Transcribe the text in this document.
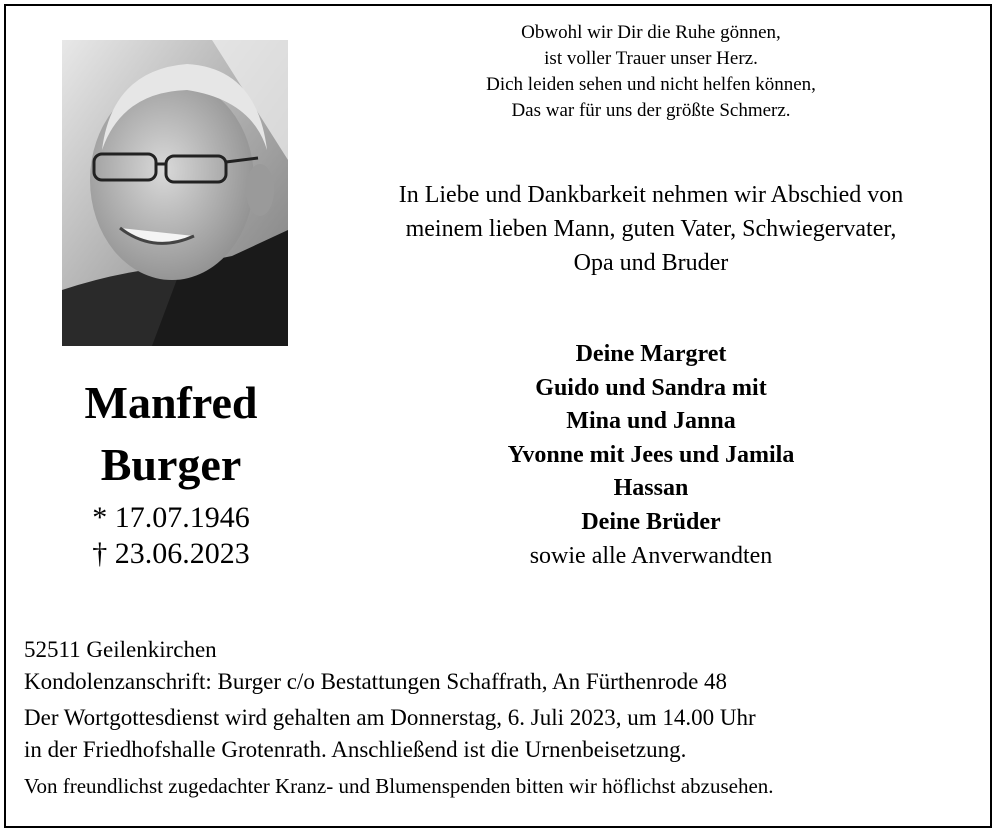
Obwohl wir Dir die Ruhe gönnen,
ist voller Trauer unser Herz.
Dich leiden sehen und nicht helfen können,
Das war für uns der größte Schmerz.
In Liebe und Dankbarkeit nehmen wir Abschied von
meinem lieben Mann, guten Vater, Schwiegervater,
Opa und Bruder
Manfred
Burger
* 17.07.1946
† 23.06.2023
Deine Margret
Guido und Sandra mit
Mina und Janna
Yvonne mit Jees und Jamila
Hassan
Deine Brüder
sowie alle Anverwandten
52511 Geilenkirchen
Kondolenzanschrift: Burger c/o Bestattungen Schaffrath, An Fürthenrode 48
Der Wortgottesdienst wird gehalten am Donnerstag, 6. Juli 2023, um 14.00 Uhr
in der Friedhofshalle Grotenrath. Anschließend ist die Urnenbeisetzung.
Von freundlichst zugedachter Kranz- und Blumenspenden bitten wir höflichst abzusehen.
